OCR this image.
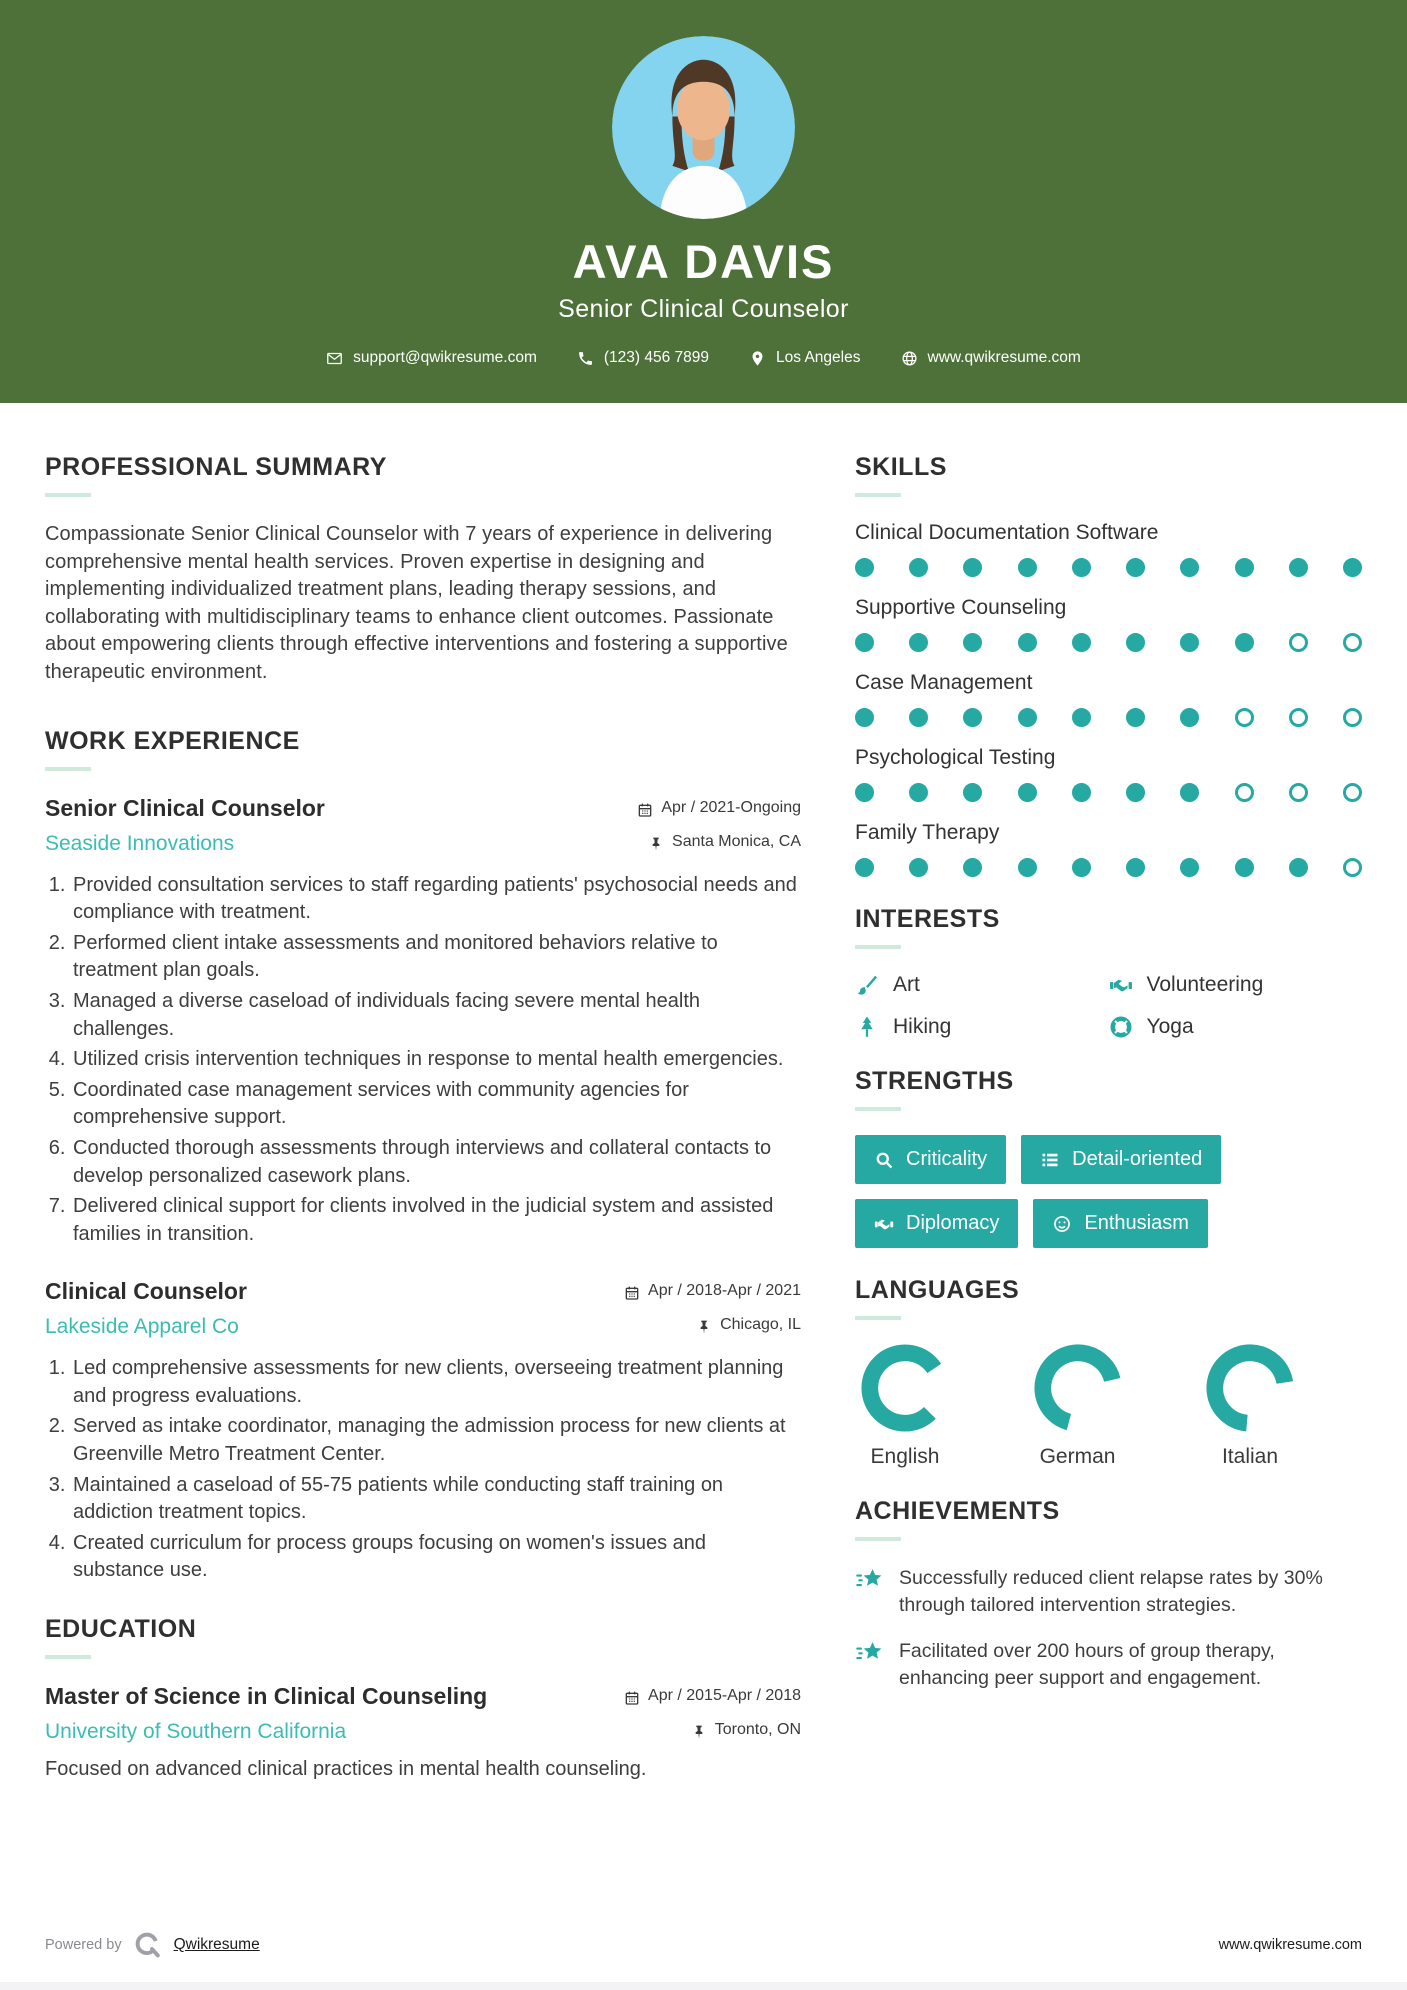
AVA DAVIS
Senior Clinical Counselor
support@qwikresume.com	(123) 456 7899	Los Angeles	www.qwikresume.com
PROFESSIONAL SUMMARY

Compassionate Senior Clinical Counselor with 7 years of experience in delivering comprehensive mental health services. Proven expertise in designing and implementing individualized treatment plans, leading therapy sessions, and collaborating with multidisciplinary teams to enhance client outcomes. Passionate about empowering clients through effective interventions and fostering a supportive therapeutic environment.

WORK EXPERIENCE
Senior Clinical Counselor	Apr / 2021-Ongoing
Seaside Innovations	Santa Monica, CA
1. Provided consultation services to staff regarding patients' psychosocial needs and compliance with treatment.
2. Performed client intake assessments and monitored behaviors relative to treatment plan goals.
3. Managed a diverse caseload of individuals facing severe mental health challenges.
4. Utilized crisis intervention techniques in response to mental health emergencies.
5. Coordinated case management services with community agencies for comprehensive support.
6. Conducted thorough assessments through interviews and collateral contacts to develop personalized casework plans.
7. Delivered clinical support for clients involved in the judicial system and assisted families in transition.
Clinical Counselor	Apr / 2018-Apr / 2021
Lakeside Apparel Co	Chicago, IL
1. Led comprehensive assessments for new clients, overseeing treatment planning and progress evaluations.
2. Served as intake coordinator, managing the admission process for new clients at Greenville Metro Treatment Center.
3. Maintained a caseload of 55-75 patients while conducting staff training on addiction treatment topics.
4. Created curriculum for process groups focusing on women's issues and substance use.
EDUCATION
Master of Science in Clinical Counseling	Apr / 2015-Apr / 2018
University of Southern California	Toronto, ON

Focused on advanced clinical practices in mental health counseling.

SKILLS
Clinical Documentation Software
Supportive Counseling
Case Management
Psychological Testing
Family Therapy
INTERESTS
Art	Volunteering
Hiking	Yoga
STRENGTHS
Criticality	Detail-oriented
Diplomacy	Enthusiasm
LANGUAGES
English	German	Italian
ACHIEVEMENTS
Successfully reduced client relapse rates by 30% through tailored intervention strategies.
Facilitated over 200 hours of group therapy, enhancing peer support and engagement.
Powered by	Qwikresume	www.qwikresume.com
